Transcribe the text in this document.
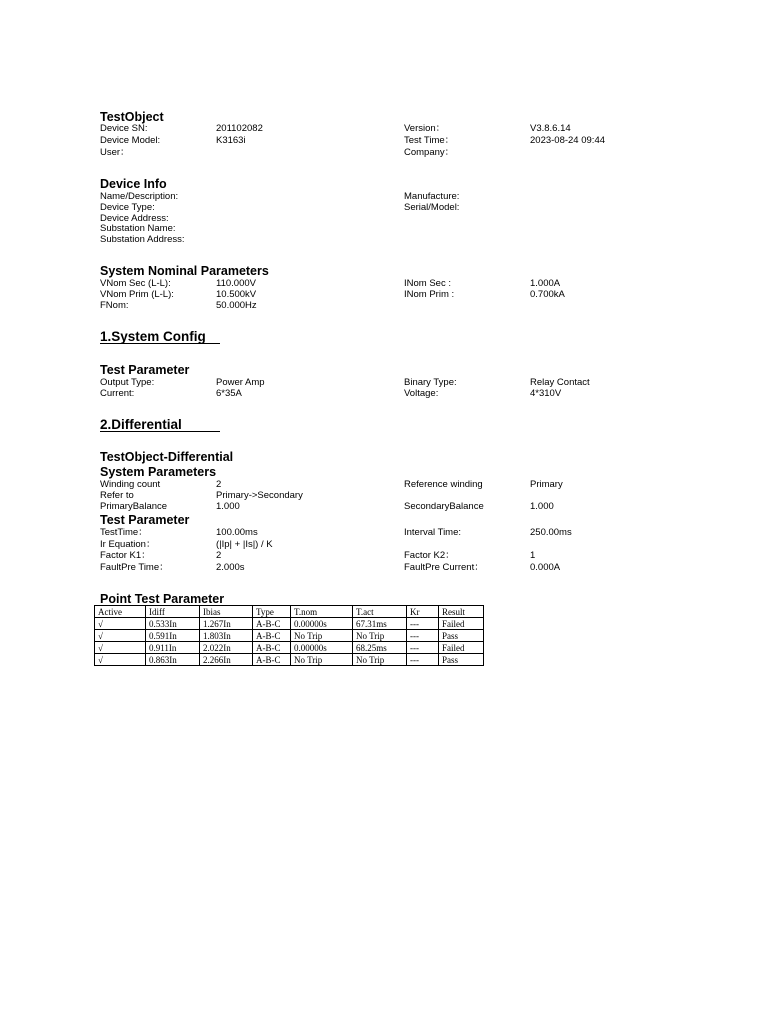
TestObject
Device SN:	201102082	Version：	V3.8.6.14
Device Model:	K3163i	Test Time：	2023-08-24 09:44
User：	Company：
Device Info
Name/Description:	Manufacture:
Device Type:	Serial/Model:
Device Address:
Substation Name:
Substation Address:
System Nominal Parameters
VNom Sec (L-L):	110.000V	INom Sec :	1.000A
VNom Prim (L-L):	10.500kV	INom Prim :	0.700kA
FNom:	50.000Hz
1.System Config
Test Parameter
Output Type:	Power Amp	Binary Type:	Relay Contact
Current:	6*35A	Voltage:	4*310V
2.Differential
TestObject-Differential
System Parameters
Winding count	2	Reference winding	Primary
Refer to	Primary->Secondary
PrimaryBalance	1.000	SecondaryBalance	1.000
Test Parameter
TestTime：	100.00ms	Interval Time:	250.00ms
Ir Equation：	(|Ip| + |Is|) / K
Factor K1：	2	Factor K2：	1
FaultPre Time：	2.000s	FaultPre Current：	0.000A
Point Test Parameter
Active	Idiff	Ibias	Type	T.nom	T.act	Kr	Result
√	0.533In	1.267In	A-B-C	0.00000s	67.31ms	---	Failed
√	0.591In	1.803In	A-B-C	No Trip	No Trip	---	Pass
√	0.911In	2.022In	A-B-C	0.00000s	68.25ms	---	Failed
√	0.863In	2.266In	A-B-C	No Trip	No Trip	---	Pass
